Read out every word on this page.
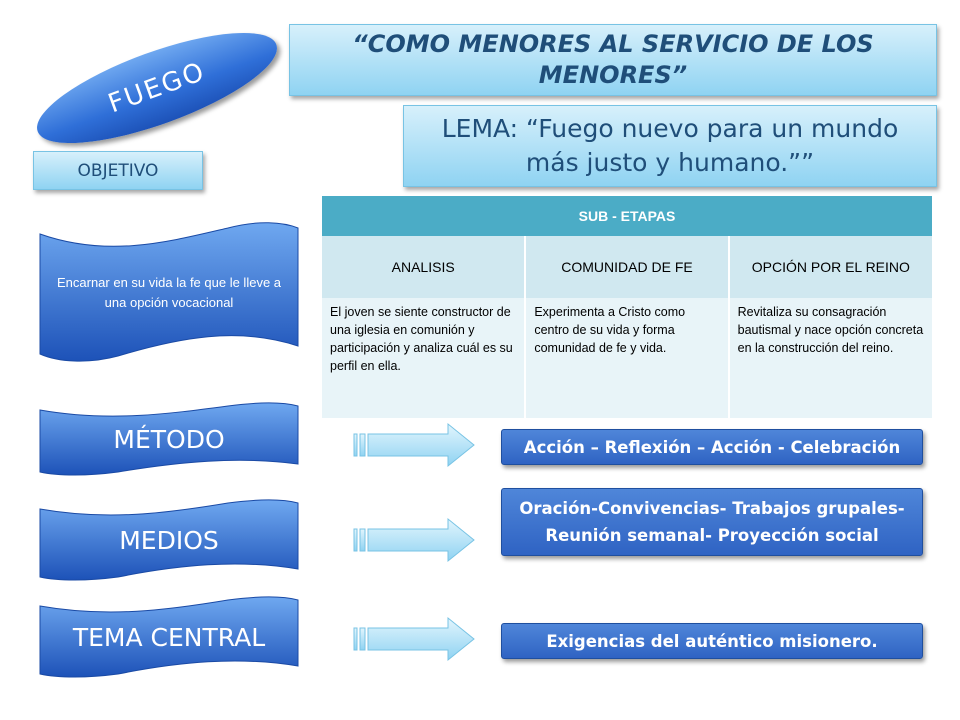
“COMO MENORES AL SERVICIO DE LOS MENORES”
LEMA: “Fuego nuevo para un mundo más justo y humano.””
FUEGO
OBJETIVO
Encarnar en su vida la fe que le lleve a una opción vocacional
SUB - ETAPAS		
ANALISIS	COMUNIDAD DE FE	OPCIÓN POR EL REINO
El joven se siente constructor de una iglesia en comunión y participación y analiza cuál es su perfil en ella.	Experimenta a Cristo como centro de su vida y forma comunidad de fe y vida.	Revitaliza su consagración bautismal y nace opción concreta en la construcción del reino.
MÉTODO
MEDIOS
TEMA CENTRAL
Acción – Reflexión – Acción - Celebración
Oración-Convivencias- Trabajos grupales- Reunión semanal- Proyección social
Exigencias del auténtico misionero.
